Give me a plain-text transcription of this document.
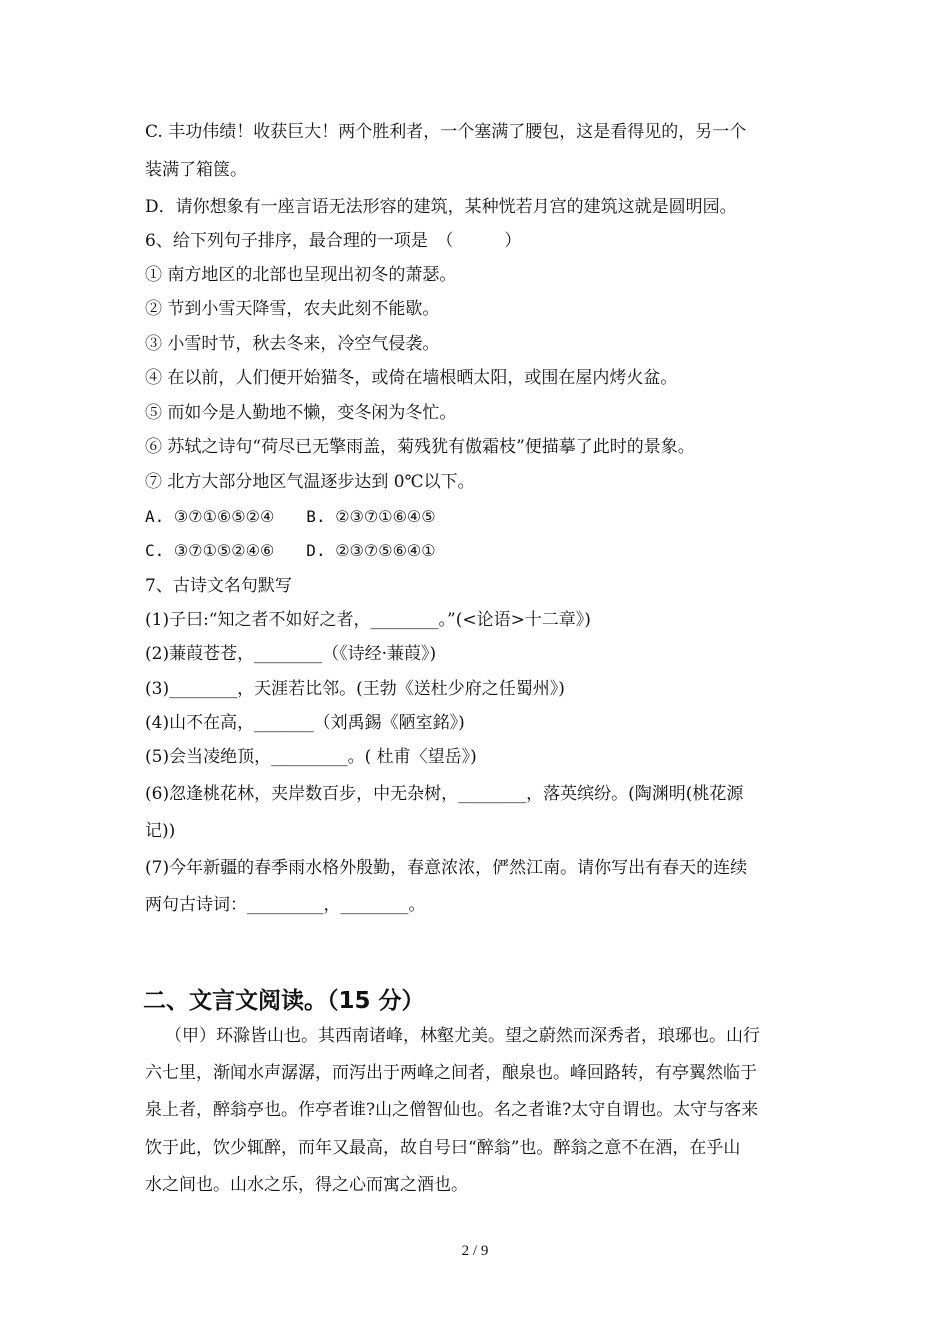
C. 丰功伟绩！收获巨大！两个胜利者，一个塞满了腰包，这是看得见的，另一个
装满了箱箧。
D．请你想象有一座言语无法形容的建筑，某种恍若月宫的建筑这就是圆明园。
6、给下列句子排序，最合理的一项是　（　　　）
① 南方地区的北部也呈现出初冬的萧瑟。
② 节到小雪天降雪，农夫此刻不能歇。
③ 小雪时节，秋去冬来，冷空气侵袭。
④ 在以前，人们便开始猫冬，或倚在墙根晒太阳，或围在屋内烤火盆。
⑤ 而如今是人勤地不懒，变冬闲为冬忙。
⑥ 苏轼之诗句“荷尽已无擎雨盖，菊残犹有傲霜枝”便描摹了此时的景象。
⑦ 北方大部分地区气温逐步达到 0℃以下。
A. ③⑦①⑥⑤②④　　B. ②③⑦①⑥④⑤
C. ③⑦①⑤②④⑥　　D. ②③⑦⑤⑥④①
7、古诗文名句默写
(1)子曰:“知之者不如好之者，________。”(<论语>十二章》)
(2)蒹葭苍苍，________（《诗经·蒹葭》)
(3)________，天涯若比邻。(王勃《送杜少府之任蜀州》)
(4)山不在高，_______（刘禹錫《陋室銘》)
(5)会当凌绝顶，_________。( 杜甫〈望岳》)
(6)忽逢桃花林，夹岸数百步，中无杂树，________，落英缤纷。(陶渊明(桃花源
记))
(7)今年新疆的春季雨水格外殷勤，春意浓浓，俨然江南。请你写出有春天的连续
两句古诗词：_________，________。
二、文言文阅读。（15 分）
（甲）环滁皆山也。其西南诸峰，林壑尤美。望之蔚然而深秀者，琅琊也。山行
六七里，渐闻水声潺潺，而泻出于两峰之间者，酿泉也。峰回路转，有亭翼然临于
泉上者，醉翁亭也。作亭者谁?山之僧智仙也。名之者谁?太守自谓也。太守与客来
饮于此，饮少辄醉，而年又最高，故自号曰“醉翁”也。醉翁之意不在酒，在乎山
水之间也。山水之乐，得之心而寓之酒也。
2 / 9
